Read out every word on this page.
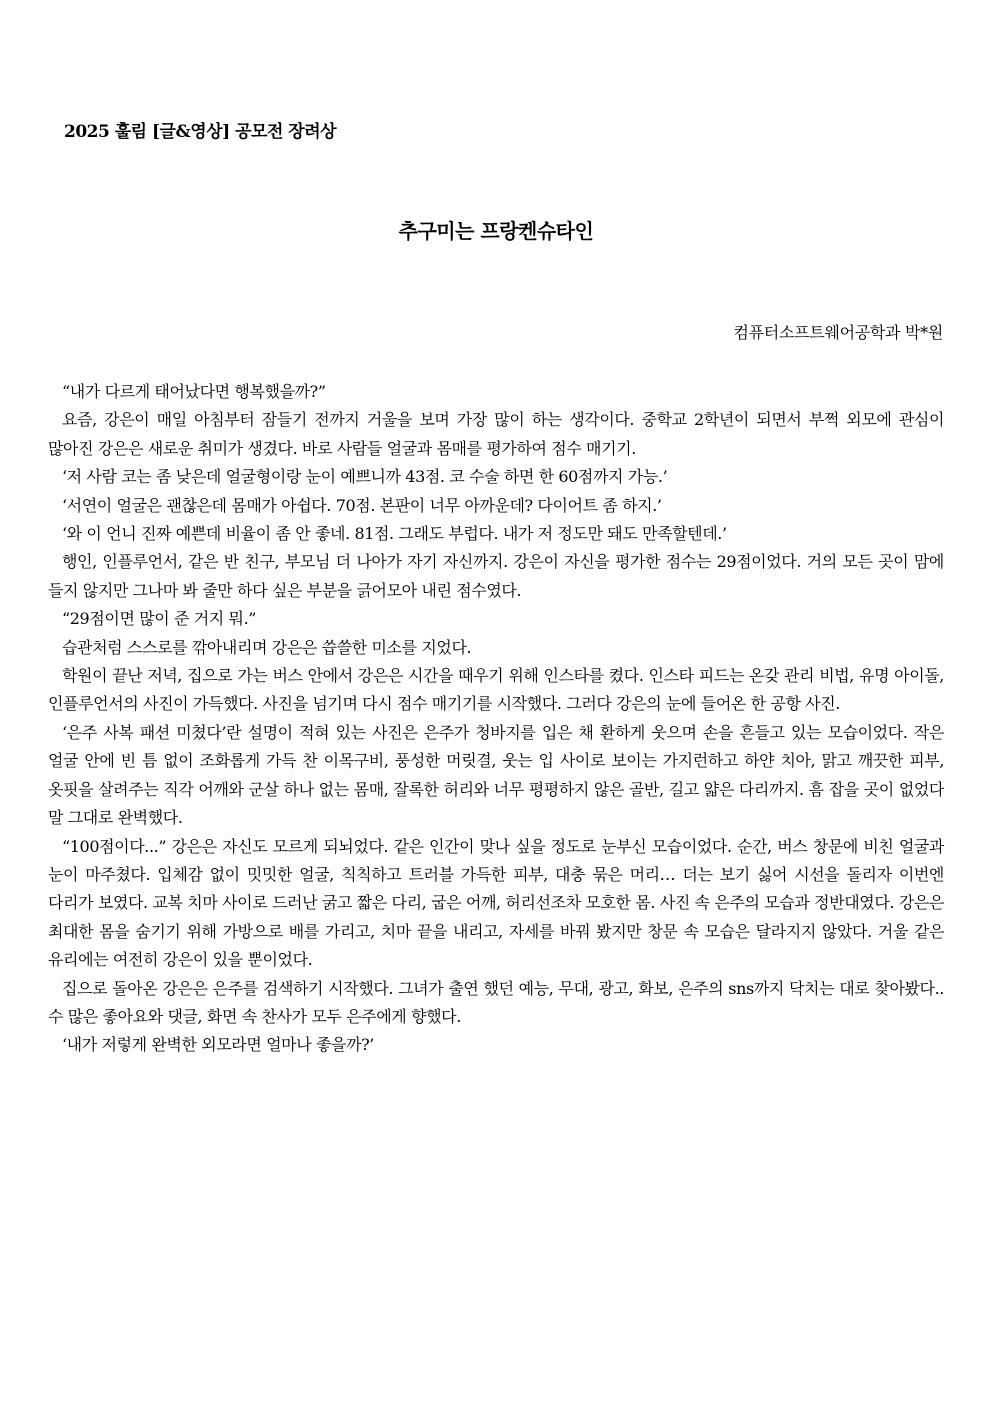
2025 훌림 [글&영상] 공모전 장려상
추구미는 프랑켄슈타인
컴퓨터소프트웨어공학과 박*원

“내가 다르게 태어났다면 행복했을까?”

요즘, 강은이 매일 아침부터 잠들기 전까지 거울을 보며 가장 많이 하는 생각이다. 중학교 2학년이 되면서 부쩍 외모에 관심이 많아진 강은은 새로운 취미가 생겼다. 바로 사람들 얼굴과 몸매를 평가하여 점수 매기기.

‘저 사람 코는 좀 낮은데 얼굴형이랑 눈이 예쁘니까 43점. 코 수술 하면 한 60점까지 가능.’

‘서연이 얼굴은 괜찮은데 몸매가 아쉽다. 70점. 본판이 너무 아까운데? 다이어트 좀 하지.’

‘와 이 언니 진짜 예쁜데 비율이 좀 안 좋네. 81점. 그래도 부럽다. 내가 저 정도만 돼도 만족할텐데.’

행인, 인플루언서, 같은 반 친구, 부모님 더 나아가 자기 자신까지. 강은이 자신을 평가한 점수는 29점이었다. 거의 모든 곳이 맘에 들지 않지만 그나마 봐 줄만 하다 싶은 부분을 긁어모아 내린 점수였다.

“29점이면 많이 준 거지 뭐.”

습관처럼 스스로를 깎아내리며 강은은 씁쓸한 미소를 지었다.

학원이 끝난 저녁, 집으로 가는 버스 안에서 강은은 시간을 때우기 위해 인스타를 켰다. 인스타 피드는 온갖 관리 비법, 유명 아이돌, 인플루언서의 사진이 가득했다. 사진을 넘기며 다시 점수 매기기를 시작했다. 그러다 강은의 눈에 들어온 한 공항 사진.

‘은주 사복 패션 미쳤다’란 설명이 적혀 있는 사진은 은주가 청바지를 입은 채 환하게 웃으며 손을 흔들고 있는 모습이었다. 작은 얼굴 안에 빈 틈 없이 조화롭게 가득 찬 이목구비, 풍성한 머릿결, 웃는 입 사이로 보이는 가지런하고 하얀 치아, 맑고 깨끗한 피부, 옷핏을 살려주는 직각 어깨와 군살 하나 없는 몸매, 잘록한 허리와 너무 평평하지 않은 골반, 길고 얇은 다리까지. 흠 잡을 곳이 없었다 말 그대로 완벽했다.

“100점이다...” 강은은 자신도 모르게 되뇌었다. 같은 인간이 맞나 싶을 정도로 눈부신 모습이었다. 순간, 버스 창문에 비친 얼굴과 눈이 마주쳤다. 입체감 없이 밋밋한 얼굴, 칙칙하고 트러블 가득한 피부, 대충 묶은 머리… 더는 보기 싫어 시선을 돌리자 이번엔 다리가 보였다. 교복 치마 사이로 드러난 굵고 짧은 다리, 굽은 어깨, 허리선조차 모호한 몸. 사진 속 은주의 모습과 정반대였다. 강은은 최대한 몸을 숨기기 위해 가방으로 배를 가리고, 치마 끝을 내리고, 자세를 바꿔 봤지만 창문 속 모습은 달라지지 않았다. 거울 같은 유리에는 여전히 강은이 있을 뿐이었다.

집으로 돌아온 강은은 은주를 검색하기 시작했다. 그녀가 출연 했던 예능, 무대, 광고, 화보, 은주의 sns까지 닥치는 대로 찾아봤다.. 수 많은 좋아요와 댓글, 화면 속 찬사가 모두 은주에게 향했다.

‘내가 저렇게 완벽한 외모라면 얼마나 좋을까?’
